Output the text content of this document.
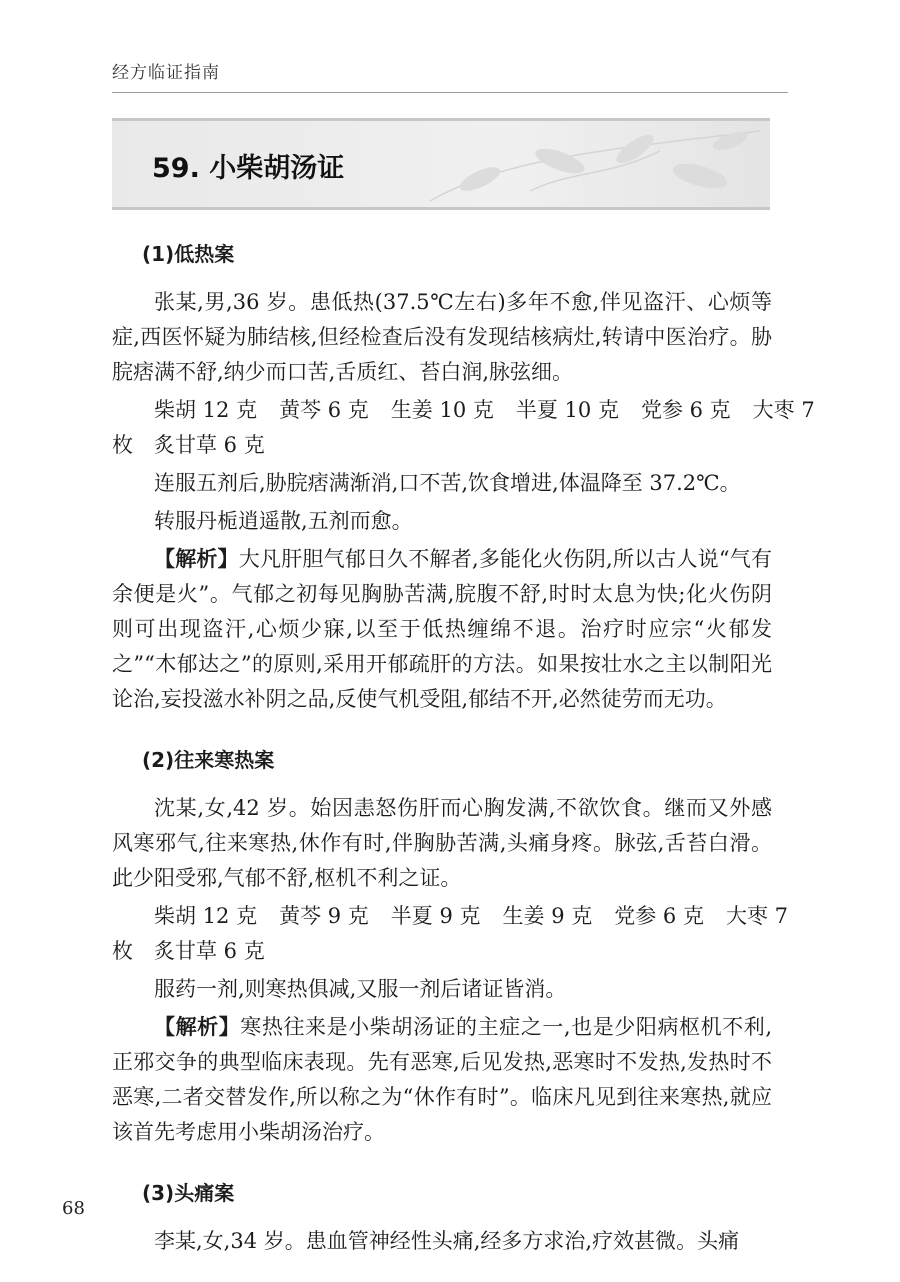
经方临证指南
59. 小柴胡汤证
(1)低热案

张某,男,36 岁。患低热(37.5℃左右)多年不愈,伴见盗汗、心烦等症,西医怀疑为肺结核,但经检查后没有发现结核病灶,转请中医治疗。胁脘痞满不舒,纳少而口苦,舌质红、苔白润,脉弦细。

柴胡 12 克 黄芩 6 克 生姜 10 克 半夏 10 克 党参 6 克 大枣 7
枚　炙甘草 6 克

连服五剂后,胁脘痞满渐消,口不苦,饮食增进,体温降至 37.2℃。

转服丹栀逍遥散,五剂而愈。

【解析】大凡肝胆气郁日久不解者,多能化火伤阴,所以古人说“气有余便是火”。气郁之初每见胸胁苦满,脘腹不舒,时时太息为快;化火伤阴则可出现盗汗,心烦少寐,以至于低热缠绵不退。治疗时应宗“火郁发之”“木郁达之”的原则,采用开郁疏肝的方法。如果按壮水之主以制阳光论治,妄投滋水补阴之品,反使气机受阻,郁结不开,必然徒劳而无功。

(2)往来寒热案

沈某,女,42 岁。始因恚怒伤肝而心胸发满,不欲饮食。继而又外感风寒邪气,往来寒热,休作有时,伴胸胁苦满,头痛身疼。脉弦,舌苔白滑。此少阳受邪,气郁不舒,枢机不利之证。

柴胡 12 克 黄芩 9 克 半夏 9 克 生姜 9 克 党参 6 克 大枣 7
枚　炙甘草 6 克

服药一剂,则寒热俱减,又服一剂后诸证皆消。

【解析】寒热往来是小柴胡汤证的主症之一,也是少阳病枢机不利,正邪交争的典型临床表现。先有恶寒,后见发热,恶寒时不发热,发热时不恶寒,二者交替发作,所以称之为“休作有时”。临床凡见到往来寒热,就应该首先考虑用小柴胡汤治疗。

(3)头痛案

李某,女,34 岁。患血管神经性头痛,经多方求治,疗效甚微。头痛

68
